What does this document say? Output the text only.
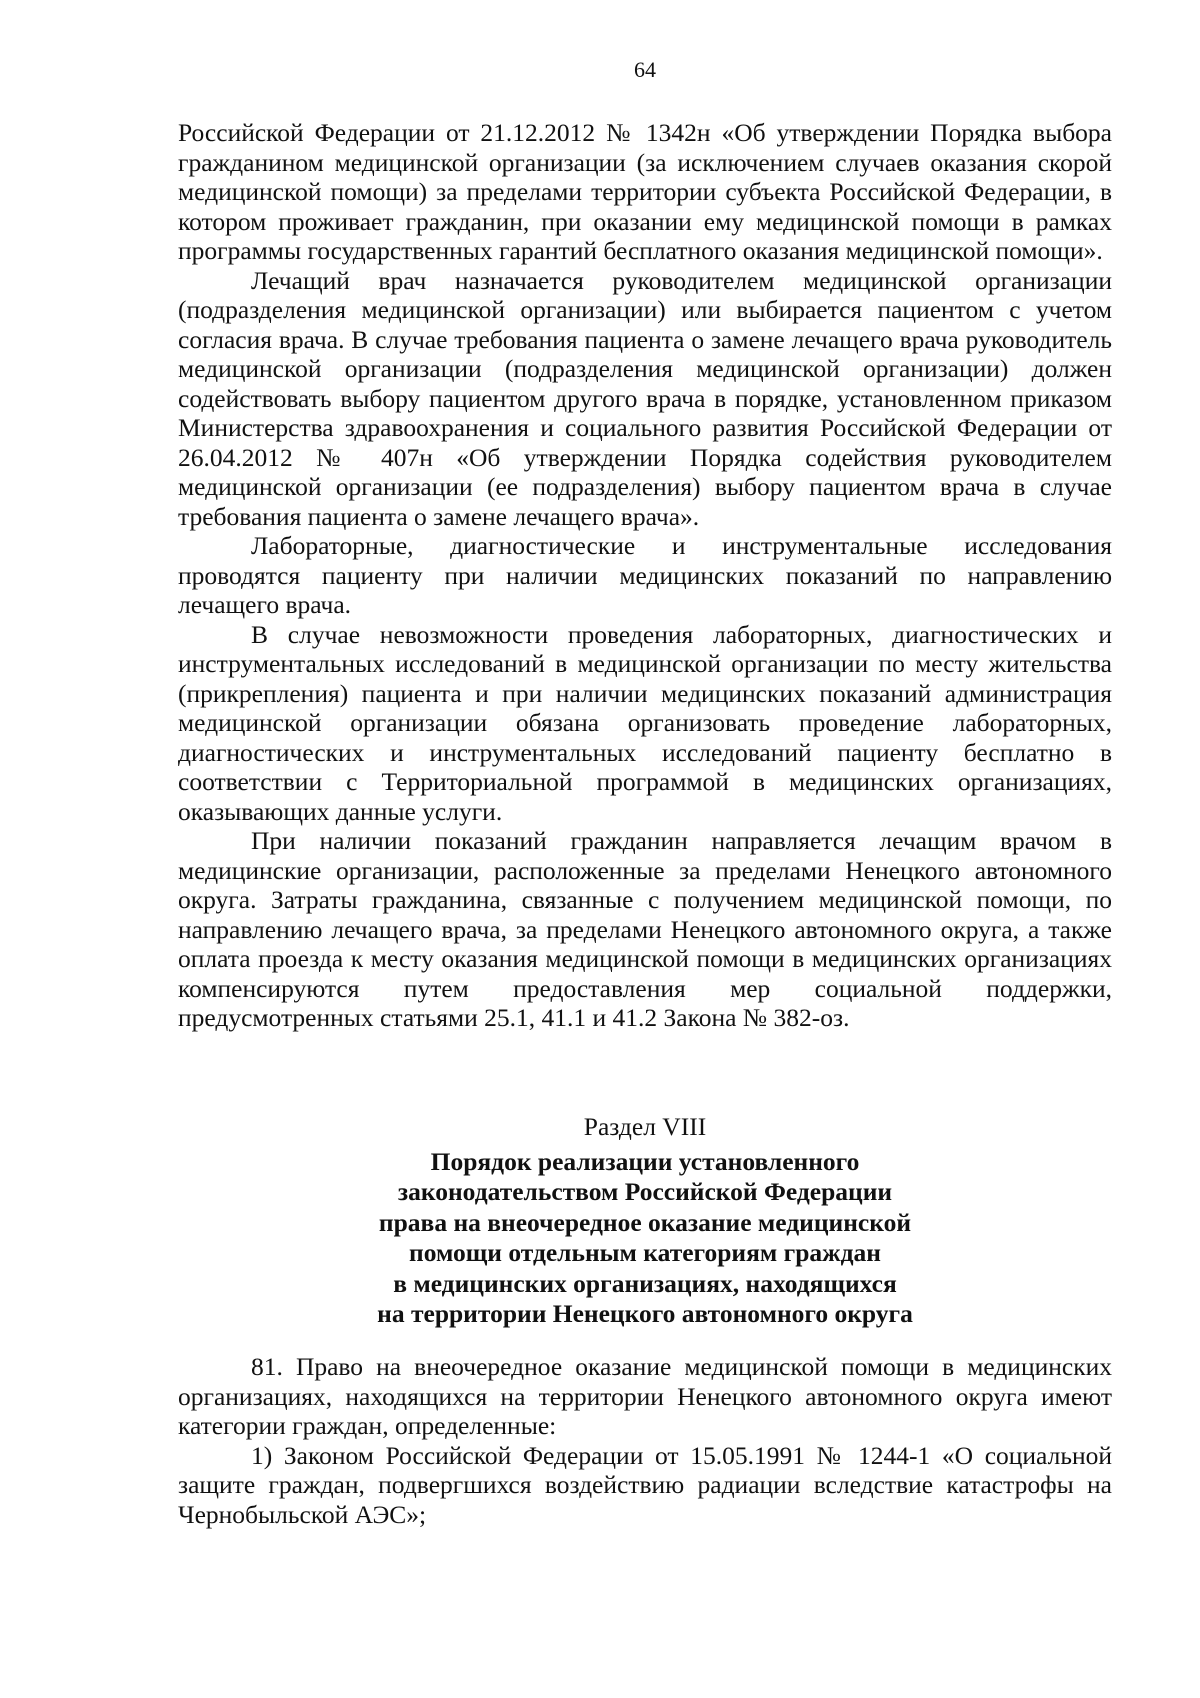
64

Российской Федерации от 21.12.2012 № 1342н «Об утверждении Порядка выбора гражданином медицинской организации (за исключением случаев оказания скорой медицинской помощи) за пределами территории субъекта Российской Федерации, в котором проживает гражданин, при оказании ему медицинской помощи в рамках программы государственных гарантий бесплатного оказания медицинской помощи».

Лечащий врач назначается руководителем медицинской организации (подразделения медицинской организации) или выбирается пациентом с учетом согласия врача. В случае требования пациента о замене лечащего врача руководитель медицинской организации (подразделения медицинской организации) должен содействовать выбору пациентом другого врача в порядке, установленном приказом Министерства здравоохранения и социального развития Российской Федерации от 26.04.2012 № 407н «Об утверждении Порядка содействия руководителем медицинской организации (ее подразделения) выбору пациентом врача в случае требования пациента о замене лечащего врача».

Лабораторные, диагностические и инструментальные исследования проводятся пациенту при наличии медицинских показаний по направлению лечащего врача.

В случае невозможности проведения лабораторных, диагностических и инструментальных исследований в медицинской организации по месту жительства (прикрепления) пациента и при наличии медицинских показаний администрация медицинской организации обязана организовать проведение лабораторных, диагностических и инструментальных исследований пациенту бесплатно в соответствии с Территориальной программой в медицинских организациях, оказывающих данные услуги.

При наличии показаний гражданин направляется лечащим врачом в медицинские организации, расположенные за пределами Ненецкого автономного округа. Затраты гражданина, связанные с получением медицинской помощи, по направлению лечащего врача, за пределами Ненецкого автономного округа, а также оплата проезда к месту оказания медицинской помощи в медицинских организациях компенсируются путем предоставления мер социальной поддержки, предусмотренных статьями 25.1, 41.1 и 41.2 Закона № 382-оз.

Раздел VIII
Порядок реализации установленного
законодательством Российской Федерации
права на внеочередное оказание медицинской
помощи отдельным категориям граждан
в медицинских организациях, находящихся
на территории Ненецкого автономного округа

81. Право на внеочередное оказание медицинской помощи в медицинских организациях, находящихся на территории Ненецкого автономного округа имеют категории граждан, определенные:

1) Законом Российской Федерации от 15.05.1991 № 1244-1 «О социальной защите граждан, подвергшихся воздействию радиации вследствие катастрофы на Чернобыльской АЭС»;
